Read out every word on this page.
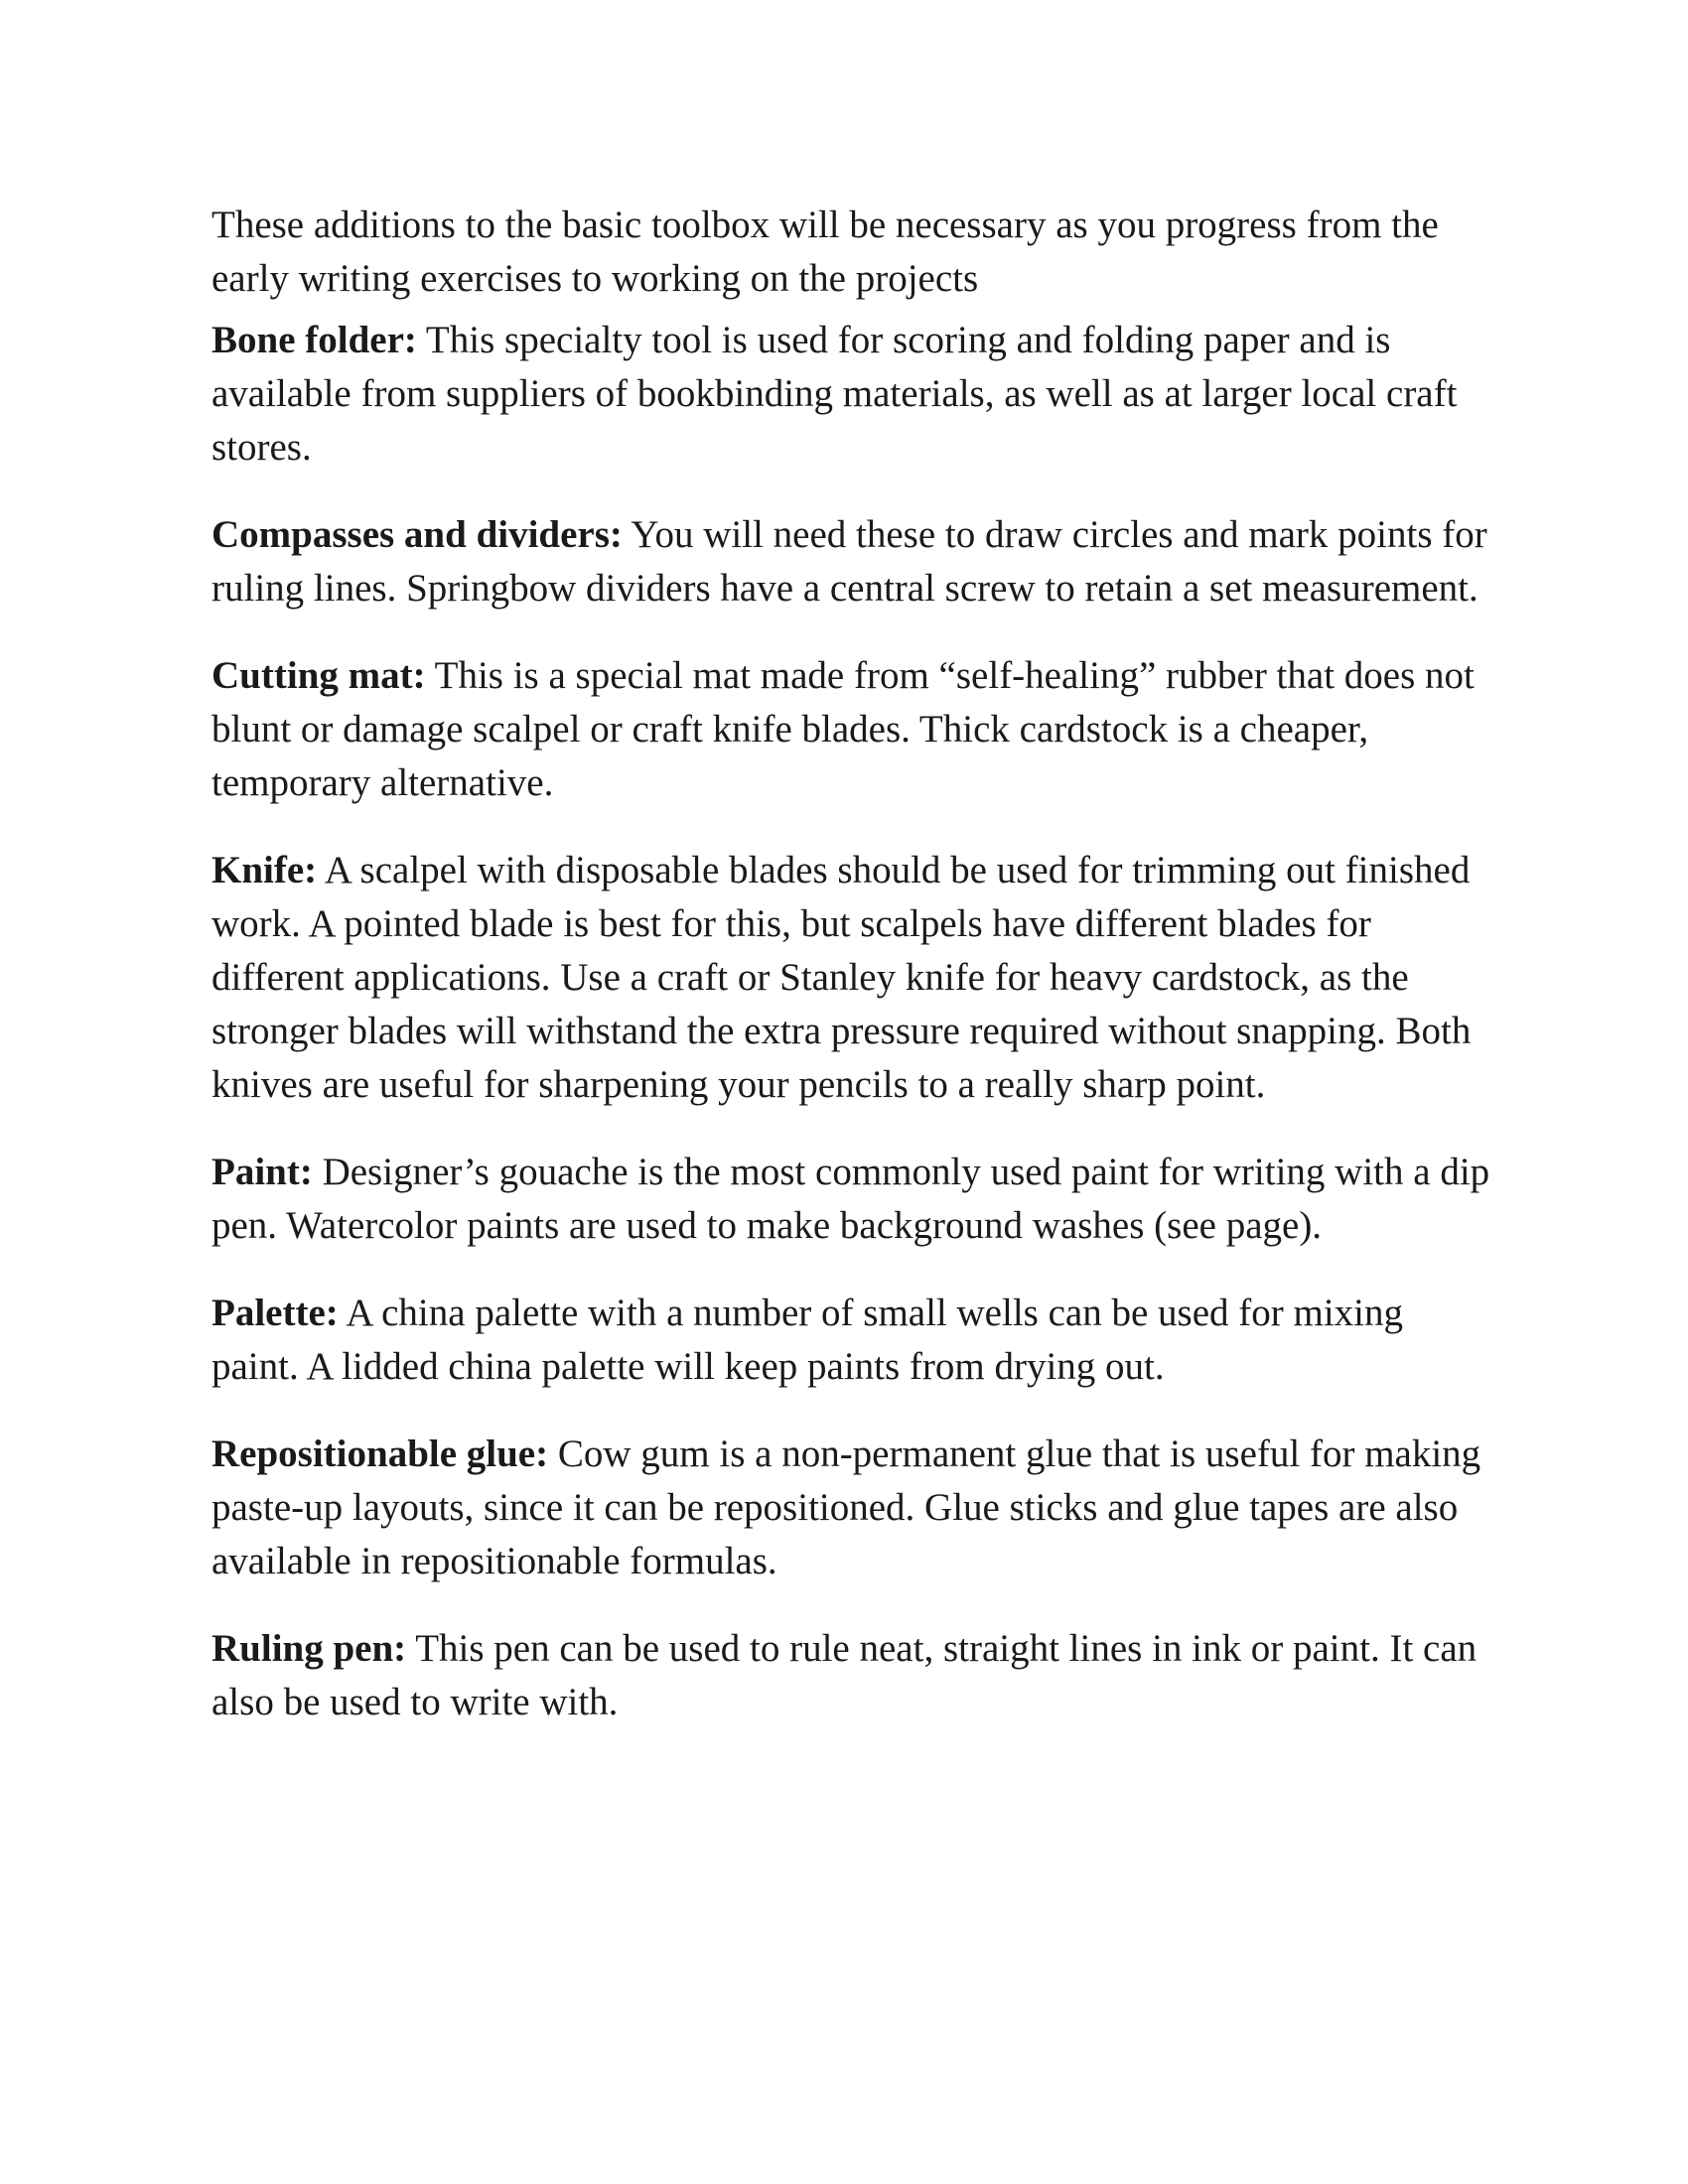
These additions to the basic toolbox will be necessary as you progress from the early writing exercises to working on the projects

Bone folder: This specialty tool is used for scoring and folding paper and is available from suppliers of bookbinding materials, as well as at larger local craft stores.

Compasses and dividers: You will need these to draw circles and mark points for ruling lines. Springbow dividers have a central screw to retain a set measurement.

Cutting mat: This is a special mat made from “self-healing” rubber that does not blunt or damage scalpel or craft knife blades. Thick cardstock is a cheaper, temporary alternative.

Knife: A scalpel with disposable blades should be used for trimming out finished work. A pointed blade is best for this, but scalpels have different blades for different applications. Use a craft or Stanley knife for heavy cardstock, as the stronger blades will withstand the extra pressure required without snapping. Both knives are useful for sharpening your pencils to a really sharp point.

Paint: Designer’s gouache is the most commonly used paint for writing with a dip pen. Watercolor paints are used to make background washes (see page).

Palette: A china palette with a number of small wells can be used for mixing paint. A lidded china palette will keep paints from drying out.

Repositionable glue: Cow gum is a non-permanent glue that is useful for making paste-up layouts, since it can be repositioned. Glue sticks and glue tapes are also available in repositionable formulas.

Ruling pen: This pen can be used to rule neat, straight lines in ink or paint. It can also be used to write with.
